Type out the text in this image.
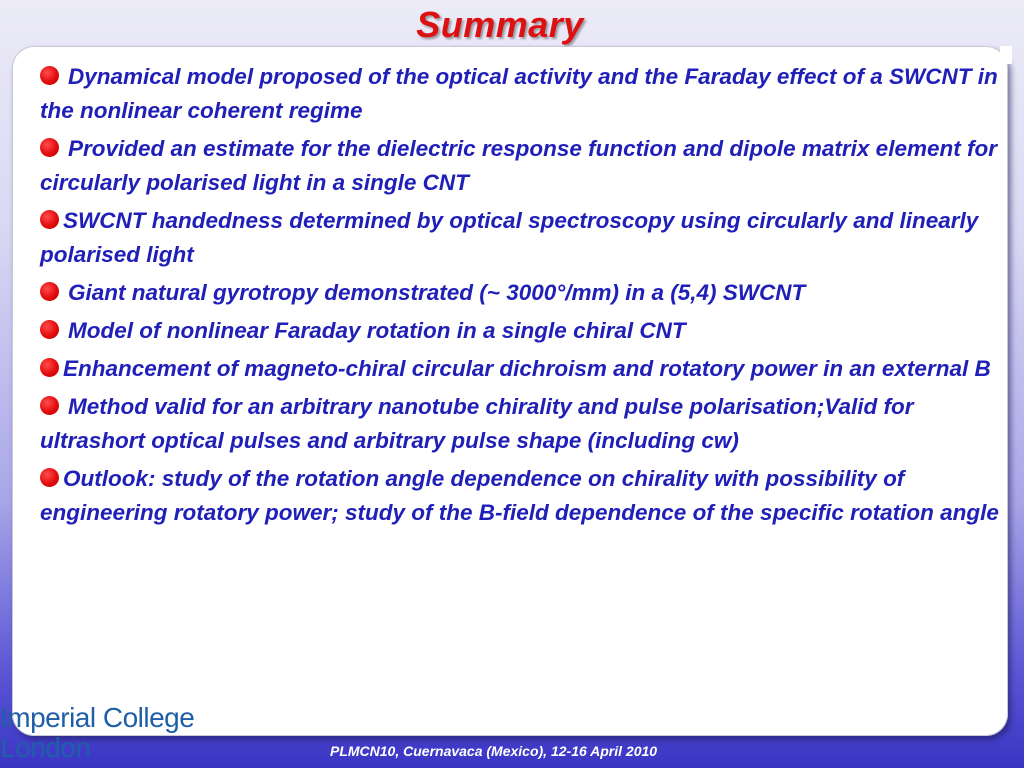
Summary
Dynamical model proposed of the optical activity and the Faraday effect of a SWCNT in the nonlinear coherent regime
Provided an estimate for the dielectric response function and dipole matrix element for circularly polarised light in a single CNT
SWCNT handedness determined by optical spectroscopy using circularly and linearly polarised light
Giant natural gyrotropy demonstrated (~ 3000°/mm) in a (5,4) SWCNT
Model of nonlinear Faraday rotation in a single chiral CNT
Enhancement of magneto-chiral circular dichroism and rotatory power in an external B
Method valid for an arbitrary nanotube chirality and pulse polarisation;Valid for ultrashort optical pulses and arbitrary pulse shape (including cw)
Outlook: study of the rotation angle dependence on chirality with possibility of engineering rotatory power; study of the B-field dependence of the specific rotation angle
Imperial College
London	PLMCN10, Cuernavaca (Mexico), 12-16 April 2010
